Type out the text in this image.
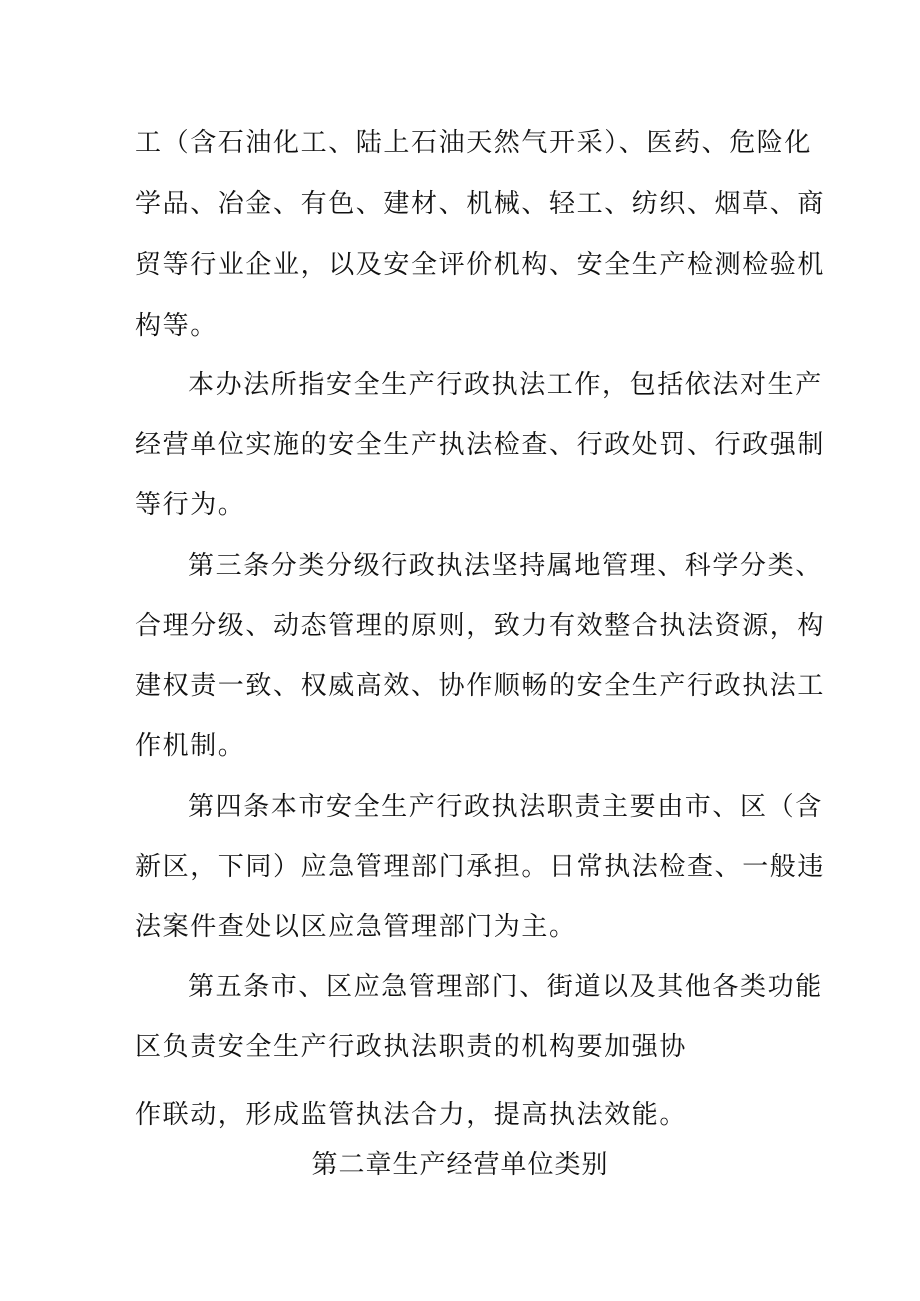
工（含石油化工、陆上石油天然气开采）、医药、危险化
学品、冶金、有色、建材、机械、轻工、纺织、烟草、商
贸等行业企业，以及安全评价机构、安全生产检测检验机
构等。
本办法所指安全生产行政执法工作，包括依法对生产
经营单位实施的安全生产执法检查、行政处罚、行政强制
等行为。
第三条分类分级行政执法坚持属地管理、科学分类、
合理分级、动态管理的原则，致力有效整合执法资源，构
建权责一致、权威高效、协作顺畅的安全生产行政执法工
作机制。
第四条本市安全生产行政执法职责主要由市、区（含
新区，下同）应急管理部门承担。日常执法检查、一般违
法案件查处以区应急管理部门为主。
第五条市、区应急管理部门、街道以及其他各类功能
区负责安全生产行政执法职责的机构要加强协
作联动，形成监管执法合力，提高执法效能。
第二章生产经营单位类别
